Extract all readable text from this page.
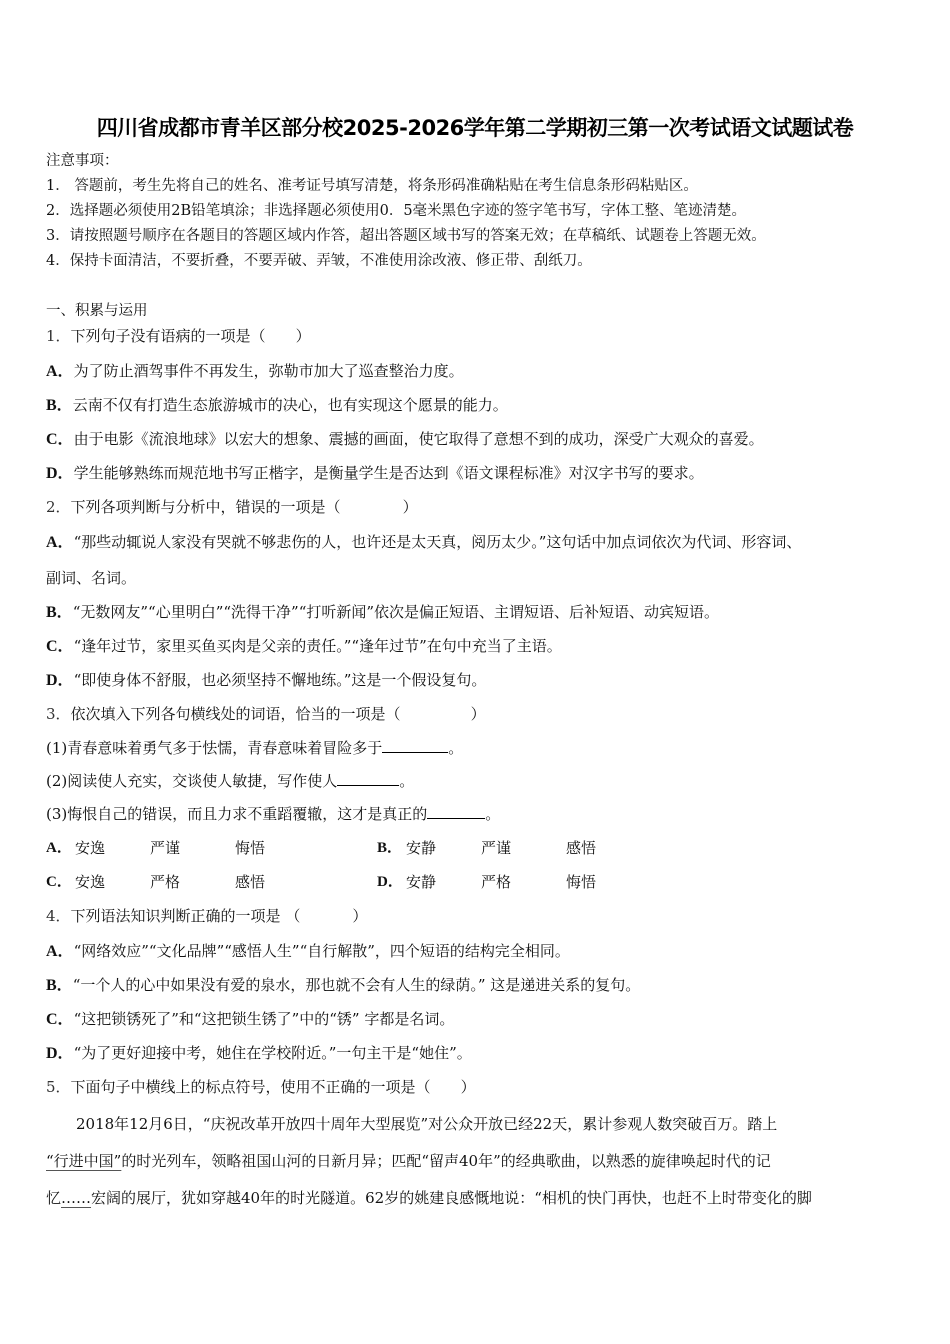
四川省成都市青羊区部分校2025-2026学年第二学期初三第一次考试语文试题试卷
注意事项：
1． 答题前，考生先将自己的姓名、准考证号填写清楚，将条形码准确粘贴在考生信息条形码粘贴区。
2．选择题必须使用2B铅笔填涂；非选择题必须使用0．5毫米黑色字迹的签字笔书写，字体工整、笔迹清楚。
3．请按照题号顺序在各题目的答题区域内作答，超出答题区域书写的答案无效；在草稿纸、试题卷上答题无效。
4．保持卡面清洁，不要折叠，不要弄破、弄皱，不准使用涂改液、修正带、刮纸刀。
一、积累与运用
1．下列句子没有语病的一项是（ ）
A．为了防止酒驾事件不再发生，弥勒市加大了巡查整治力度。
B．云南不仅有打造生态旅游城市的决心，也有实现这个愿景的能力。
C．由于电影《流浪地球》以宏大的想象、震撼的画面，使它取得了意想不到的成功，深受广大观众的喜爱。
D．学生能够熟练而规范地书写正楷字，是衡量学生是否达到《语文课程标准》对汉字书写的要求。
2．下列各项判断与分析中，错误的一项是（	）
A．“那些动辄说人家没有哭就不够悲伤的人，也许还是太天真，阅历太少。”这句话中加点词依次为代词、形容词、
副词、名词。
B．“无数网友”“心里明白”“洗得干净”“打听新闻”依次是偏正短语、主谓短语、后补短语、动宾短语。
C．“逢年过节，家里买鱼买肉是父亲的责任。”“逢年过节”在句中充当了主语。
D．“即使身体不舒服，也必须坚持不懈地练。”这是一个假设复句。
3．依次填入下列各句横线处的词语，恰当的一项是（	）
(1)青春意味着勇气多于怯懦，青春意味着冒险多于	。
(2)阅读使人充实，交谈使人敏捷，写作使人	。
(3)悔恨自己的错误，而且力求不重蹈覆辙，这才是真正的	。
A． 安逸	严谨	悔悟	B． 安静	严谨	感悟
C． 安逸	严格	感悟	D． 安静	严格	悔悟
4．下列语法知识判断正确的一项是 （	）
A．“网络效应”“文化品牌”“感悟人生”“自行解散”，四个短语的结构完全相同。
B．“一个人的心中如果没有爱的泉水，那也就不会有人生的绿荫。” 这是递进关系的复句。
C．“这把锁锈死了”和“这把锁生锈了”中的“锈” 字都是名词。
D．“为了更好迎接中考，她住在学校附近。”一句主干是“她住”。
5．下面句子中横线上的标点符号，使用不正确的一项是（ ）
2018年12月6日，“庆祝改革开放四十周年大型展览”对公众开放已经22天，累计参观人数突破百万。踏上
“行进中国”的时光列车，领略祖国山河的日新月异；匹配“留声40年”的经典歌曲，以熟悉的旋律唤起时代的记
忆……宏阔的展厅，犹如穿越40年的时光隧道。62岁的姚建良感慨地说：“相机的快门再快，也赶不上时带变化的脚
